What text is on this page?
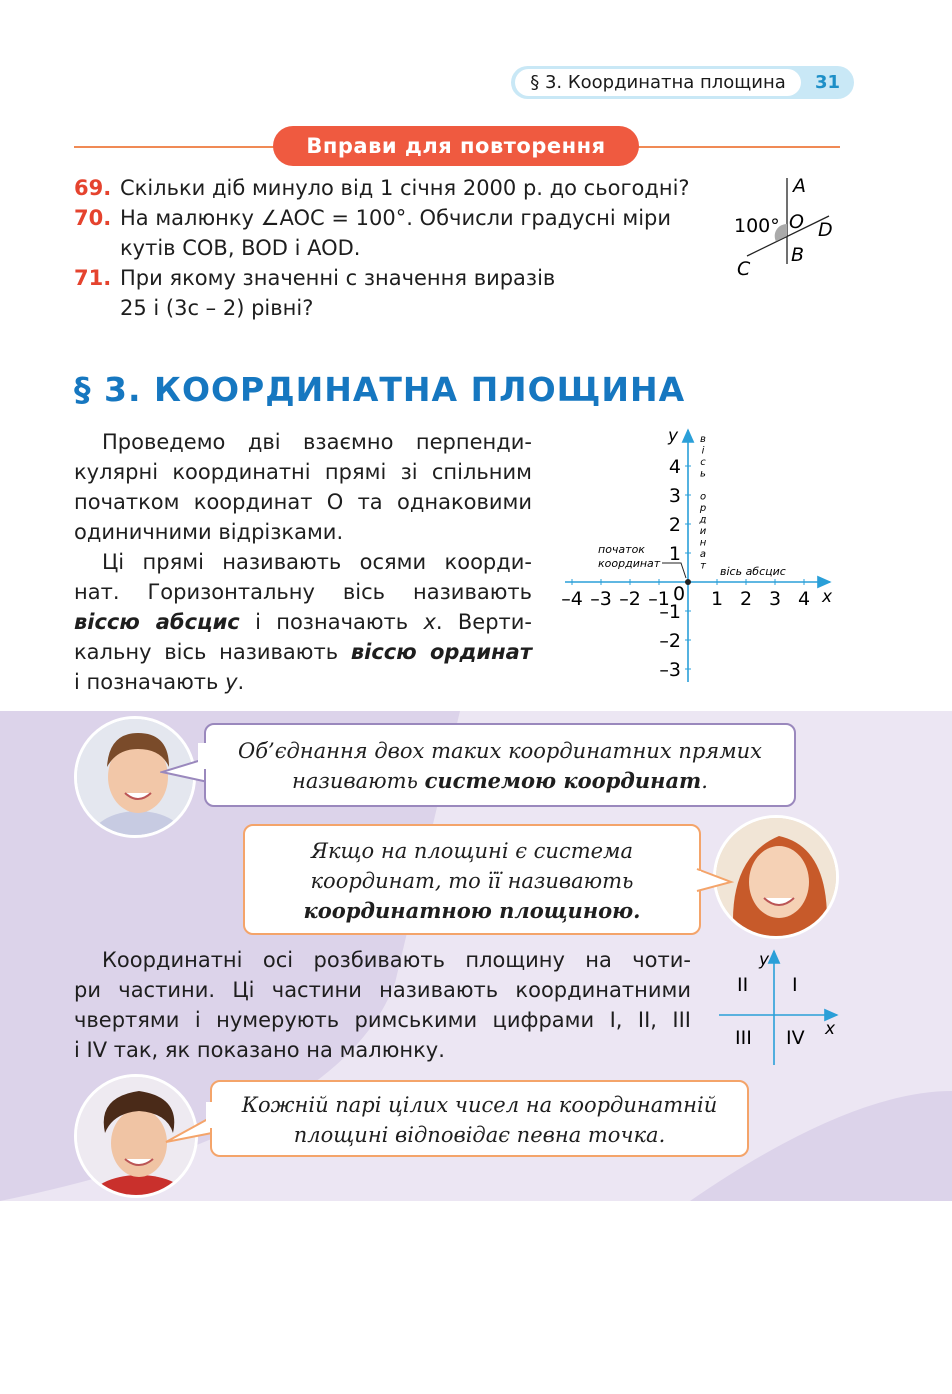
§ 3. Координатна площина	31
Вправи для повторення
69. Скільки діб минуло від 1 січня 2000 р. до сьогодні?
70. На малюнку ∠AOC = 100°. Обчисли градусні міри
кутів COB, BOD і AOD.
71. При якому значенні c значення виразів
25 і (3c – 2) рівні?
A
O D
B
C
100°
§ 3. КООРДИНАТНА ПЛОЩИНА
Проведемо дві взаємно перпенди-
кулярні координатні прямі зі спільним
початком координат O та однаковими
одиничними відрізками.
Ці прямі називають осями коорди-
нат. Горизонтальну вісь називають
віссю абсцис і позначають x. Верти-
кальну вісь називають віссю ординат
і позначають y.
–4 –3 –2 –1 1 2 3 4
4
3
2
1
–1
–2
–3
y
x
0
початок
координат
вісь абсцис
в
і
с
ь
о
р
д
и
н
а
т
Об’єднання двох таких координатних прямих
називають системою координат.
Якщо на площині є система
координат, то її називають
координатною площиною.
Координатні осі розбивають площину на чоти-
ри частини. Ці частини називають координатними
чвертями і нумерують римськими цифрами I, II, III
і IV так, як показано на малюнку.
y
x
II I
III IV
Кожній парі цілих чисел на координатній
площині відповідає певна точка.
